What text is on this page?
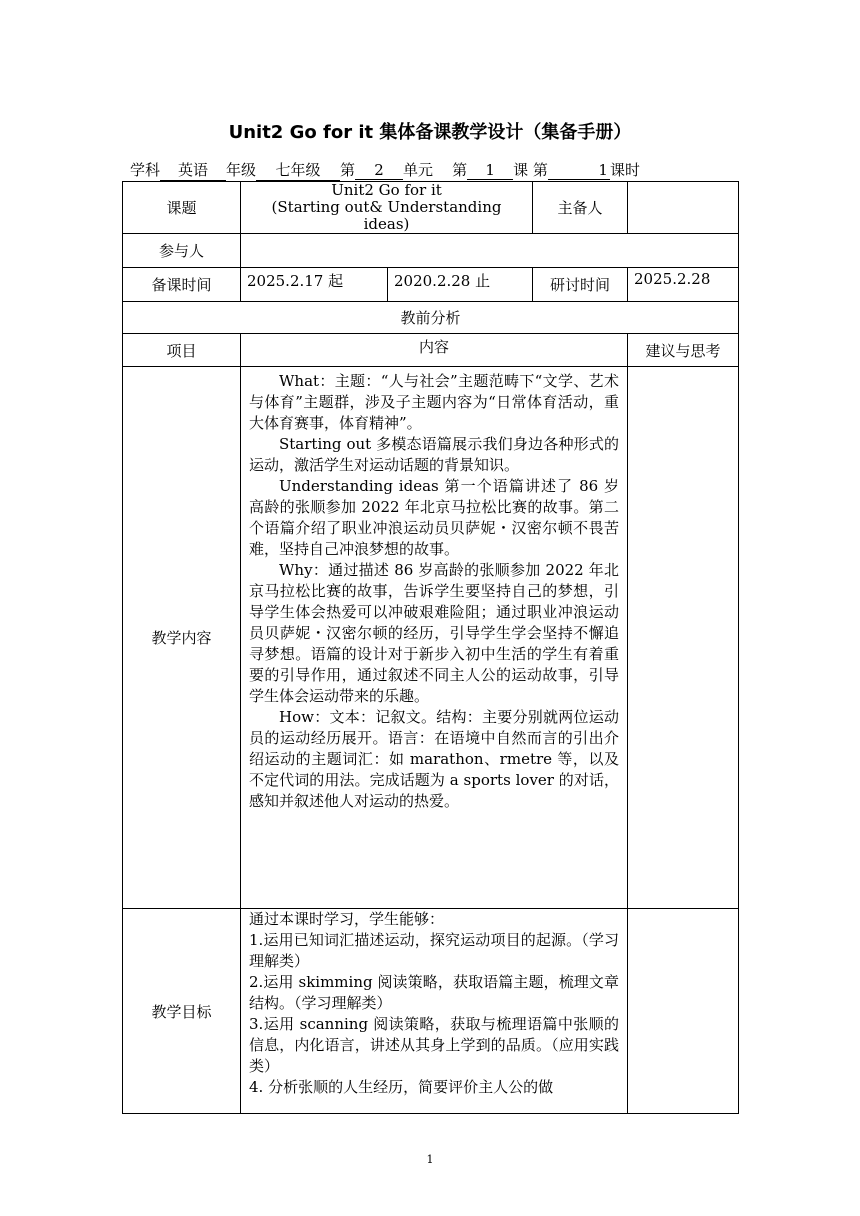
Unit2 Go for it 集体备课教学设计（集备手册）
学科 英语 年级 七年级 第 2 单元 第 1 课 第	1 课时
课题	Unit2 Go for it
(Starting out& Understanding ideas)		主备人	
参与人				
备课时间	2025.2.17 起	2020.2.28 止	研讨时间	2025.2.28
教前分析				
项目	内容			建议与思考
教学内容	What：主题：“人与社会”主题范畴下“文学、艺术与体育”主题群，涉及子主题内容为“日常体育活动，重大体育赛事，体育精神”。

Starting out 多模态语篇展示我们身边各种形式的运动，激活学生对运动话题的背景知识。

Understanding ideas 第一个语篇讲述了 86 岁高龄的张顺参加 2022 年北京马拉松比赛的故事。第二个语篇介绍了职业冲浪运动员贝萨妮・汉密尔顿不畏苦难，坚持自己冲浪梦想的故事。

Why：通过描述 86 岁高龄的张顺参加 2022 年北京马拉松比赛的故事，告诉学生要坚持自己的梦想，引导学生体会热爱可以冲破艰难险阻；通过职业冲浪运动员贝萨妮・汉密尔顿的经历，引导学生学会坚持不懈追寻梦想。语篇的设计对于新步入初中生活的学生有着重要的引导作用，通过叙述不同主人公的运动故事，引导学生体会运动带来的乐趣。

How：文本：记叙文。结构：主要分别就两位运动员的运动经历展开。语言：在语境中自然而言的引出介绍运动的主题词汇：如 marathon、rmetre 等，以及不定代词的用法。完成话题为 a sports lover 的对话，感知并叙述他人对运动的热爱。			

教学目标	通过本课时学习，学生能够：

1.运用已知词汇描述运动，探究运动项目的起源。（学习理解类）

2.运用 skimming 阅读策略，获取语篇主题，梳理文章结构。（学习理解类）

3.运用 scanning 阅读策略，获取与梳理语篇中张顺的信息，内化语言，讲述从其身上学到的品质。（应用实践类）

4. 分析张顺的人生经历，简要评价主人公的做			

1
